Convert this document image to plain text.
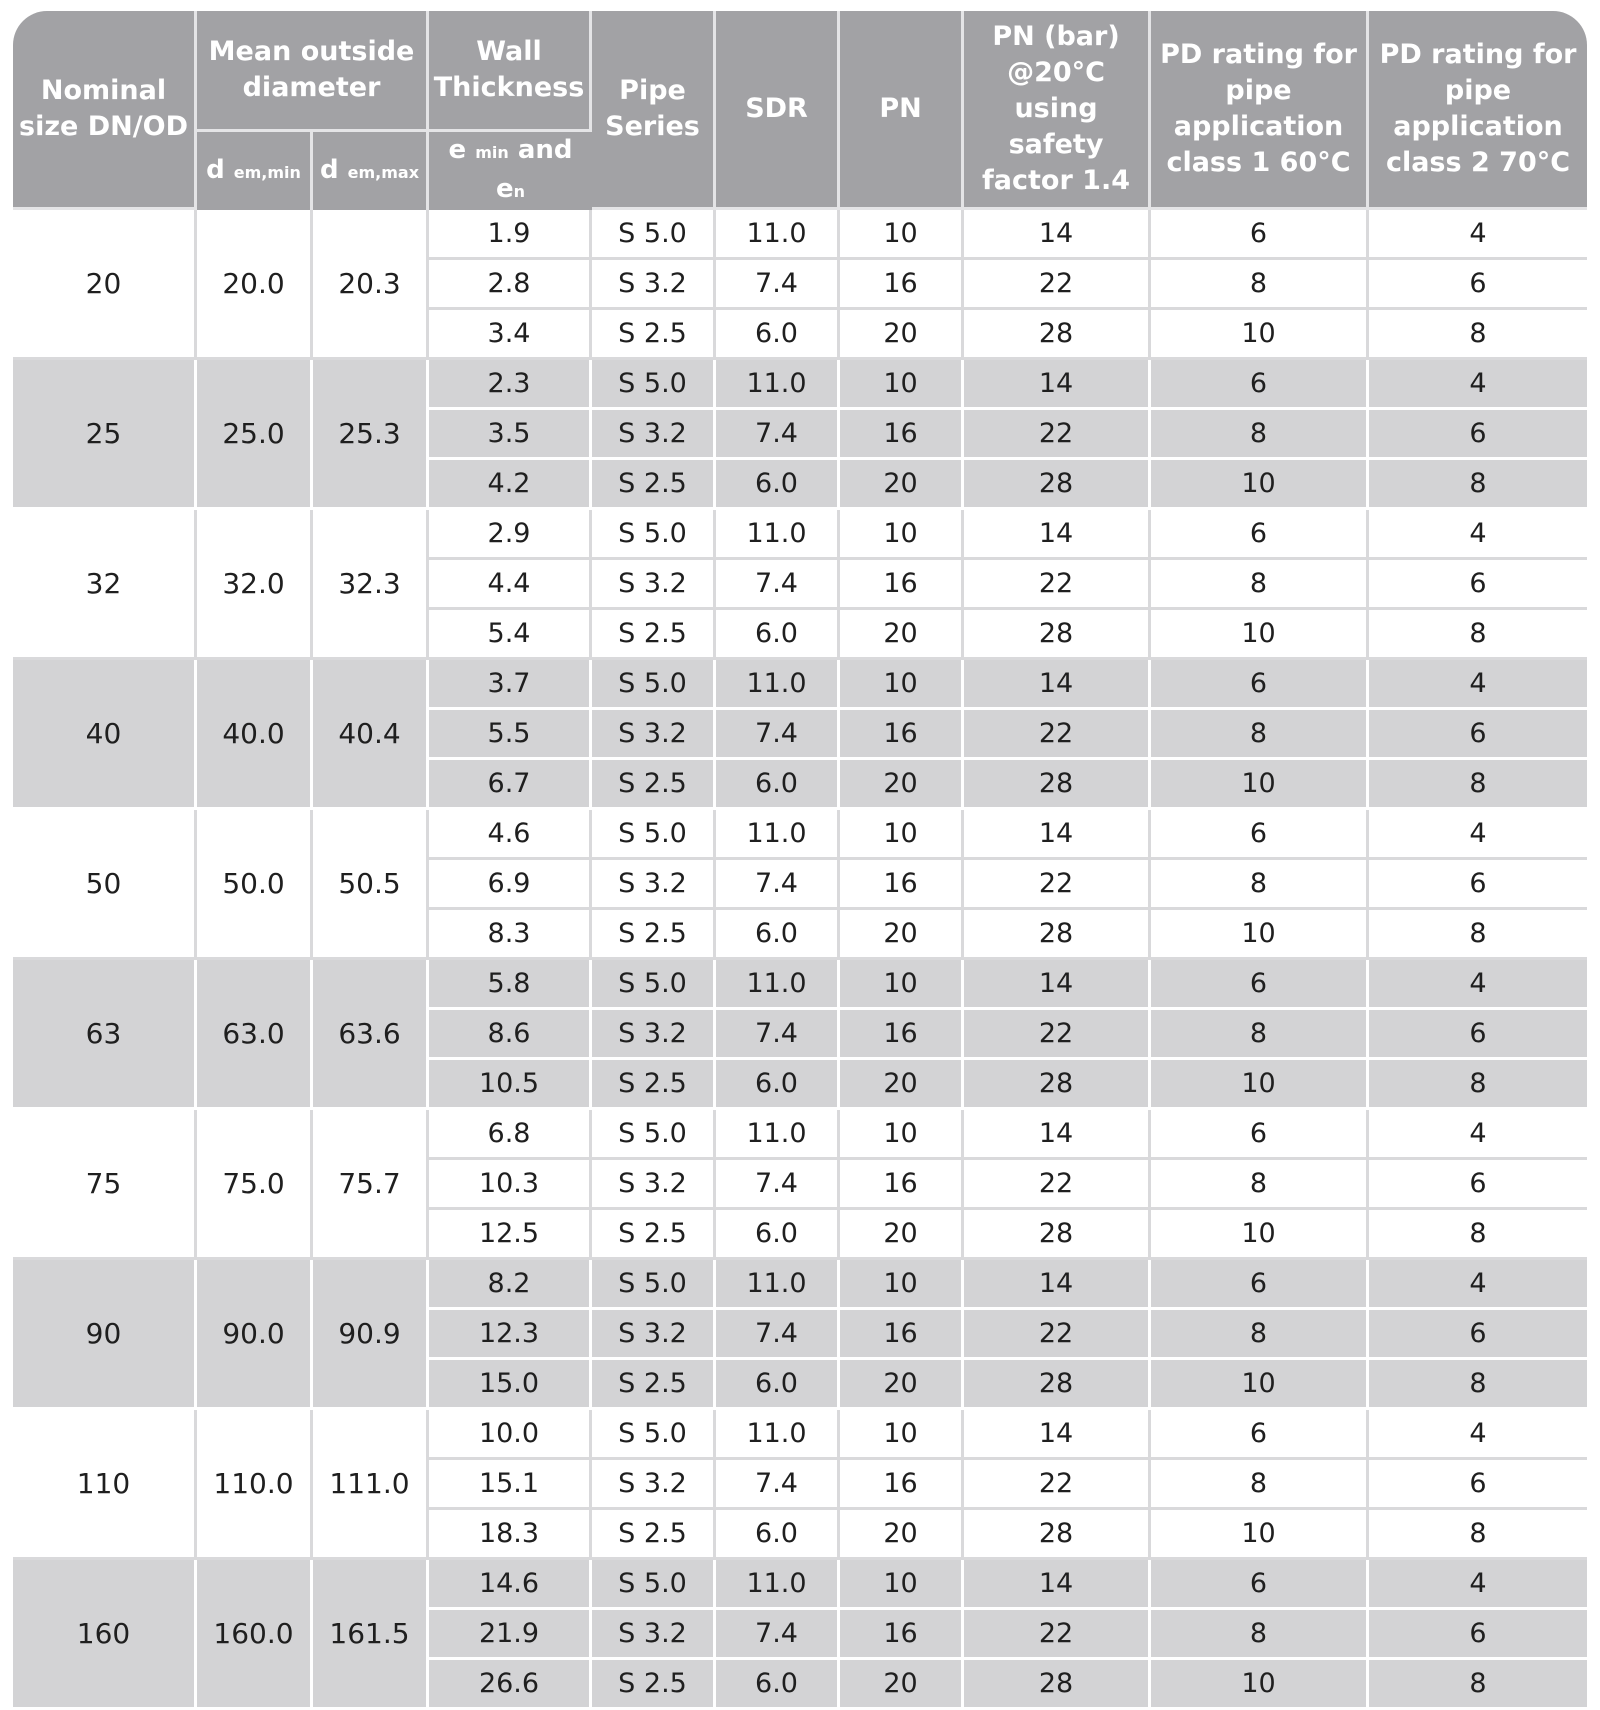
Nominal size DN/OD	Mean outside diameter		Wall Thickness	Pipe Series	SDR	PN	PN (bar) @20°C using safety factor 1.4	PD rating for pipe application class 1 60°C	PD rating for pipe application class 2 70°C
	d em,min	d em,max	e min and en						
20	20.0	20.3	1.9	S 5.0	11.0	10	14	6	4
			2.8	S 3.2	7.4	16	22	8	6
			3.4	S 2.5	6.0	20	28	10	8
25	25.0	25.3	2.3	S 5.0	11.0	10	14	6	4
			3.5	S 3.2	7.4	16	22	8	6
			4.2	S 2.5	6.0	20	28	10	8
32	32.0	32.3	2.9	S 5.0	11.0	10	14	6	4
			4.4	S 3.2	7.4	16	22	8	6
			5.4	S 2.5	6.0	20	28	10	8
40	40.0	40.4	3.7	S 5.0	11.0	10	14	6	4
			5.5	S 3.2	7.4	16	22	8	6
			6.7	S 2.5	6.0	20	28	10	8
50	50.0	50.5	4.6	S 5.0	11.0	10	14	6	4
			6.9	S 3.2	7.4	16	22	8	6
			8.3	S 2.5	6.0	20	28	10	8
63	63.0	63.6	5.8	S 5.0	11.0	10	14	6	4
			8.6	S 3.2	7.4	16	22	8	6
			10.5	S 2.5	6.0	20	28	10	8
75	75.0	75.7	6.8	S 5.0	11.0	10	14	6	4
			10.3	S 3.2	7.4	16	22	8	6
			12.5	S 2.5	6.0	20	28	10	8
90	90.0	90.9	8.2	S 5.0	11.0	10	14	6	4
			12.3	S 3.2	7.4	16	22	8	6
			15.0	S 2.5	6.0	20	28	10	8
110	110.0	111.0	10.0	S 5.0	11.0	10	14	6	4
			15.1	S 3.2	7.4	16	22	8	6
			18.3	S 2.5	6.0	20	28	10	8
160	160.0	161.5	14.6	S 5.0	11.0	10	14	6	4
			21.9	S 3.2	7.4	16	22	8	6
			26.6	S 2.5	6.0	20	28	10	8
